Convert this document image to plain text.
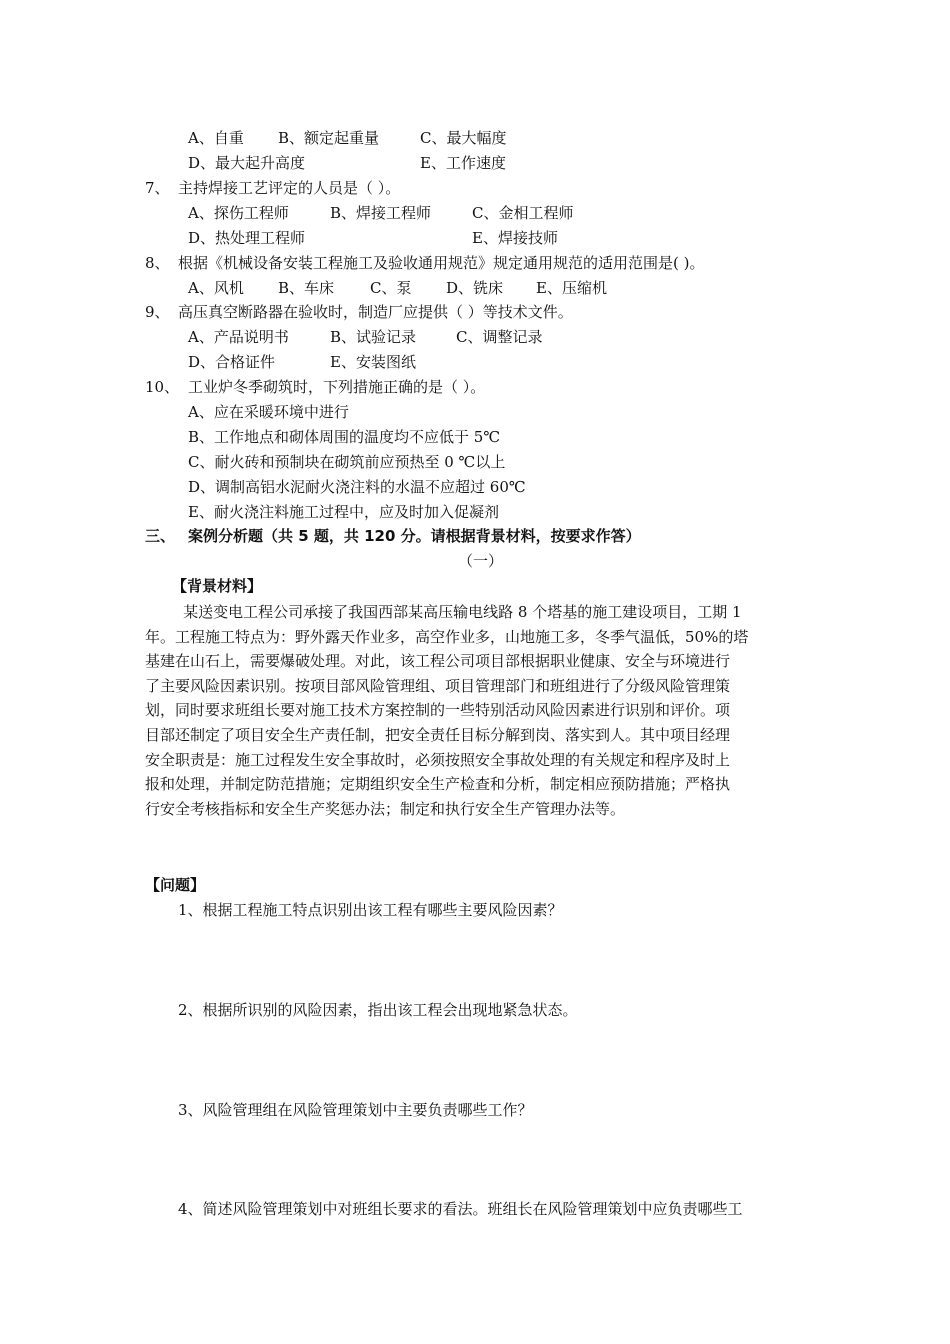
A、自重 B、额定起重量	C、最大幅度
D、最大起升高度	E、工作速度
7、 主持焊接工艺评定的人员是（ ）。
A、探伤工程师	B、焊接工程师	C、金相工程师
D、热处理工程师	E、焊接技师
8、 根据《机械设备安装工程施工及验收通用规范》规定通用规范的适用范围是( )。
A、风机 B、车床 C、泵 D、铣床 E、压缩机
9、 高压真空断路器在验收时，制造厂应提供（ ）等技术文件。
A、产品说明书	B、试验记录	C、调整记录
D、合格证件	E、安装图纸
10、 工业炉冬季砌筑时，下列措施正确的是（ ）。
A、应在采暖环境中进行
B、工作地点和砌体周围的温度均不应低于 5℃
C、耐火砖和预制块在砌筑前应预热至 0 ℃以上
D、调制高铝水泥耐火浇注料的水温不应超过 60℃
E、耐火浇注料施工过程中，应及时加入促凝剂
三、 案例分析题（共 5 题，共 120 分。请根据背景材料，按要求作答）
（一）
【背景材料】
某送变电工程公司承接了我国西部某高压输电线路 8 个塔基的施工建设项目，工期 1
年。工程施工特点为：野外露天作业多，高空作业多，山地施工多，冬季气温低，50%的塔
基建在山石上，需要爆破处理。对此，该工程公司项目部根据职业健康、安全与环境进行
了主要风险因素识别。按项目部风险管理组、项目管理部门和班组进行了分级风险管理策
划，同时要求班组长要对施工技术方案控制的一些特别活动风险因素进行识别和评价。项
目部还制定了项目安全生产责任制，把安全责任目标分解到岗、落实到人。其中项目经理
安全职责是：施工过程发生安全事故时，必须按照安全事故处理的有关规定和程序及时上
报和处理，并制定防范措施；定期组织安全生产检查和分析，制定相应预防措施；严格执
行安全考核指标和安全生产奖惩办法；制定和执行安全生产管理办法等。
【问题】
1、根据工程施工特点识别出该工程有哪些主要风险因素？
2、根据所识别的风险因素，指出该工程会出现地紧急状态。
3、风险管理组在风险管理策划中主要负责哪些工作？
4、简述风险管理策划中对班组长要求的看法。班组长在风险管理策划中应负责哪些工
